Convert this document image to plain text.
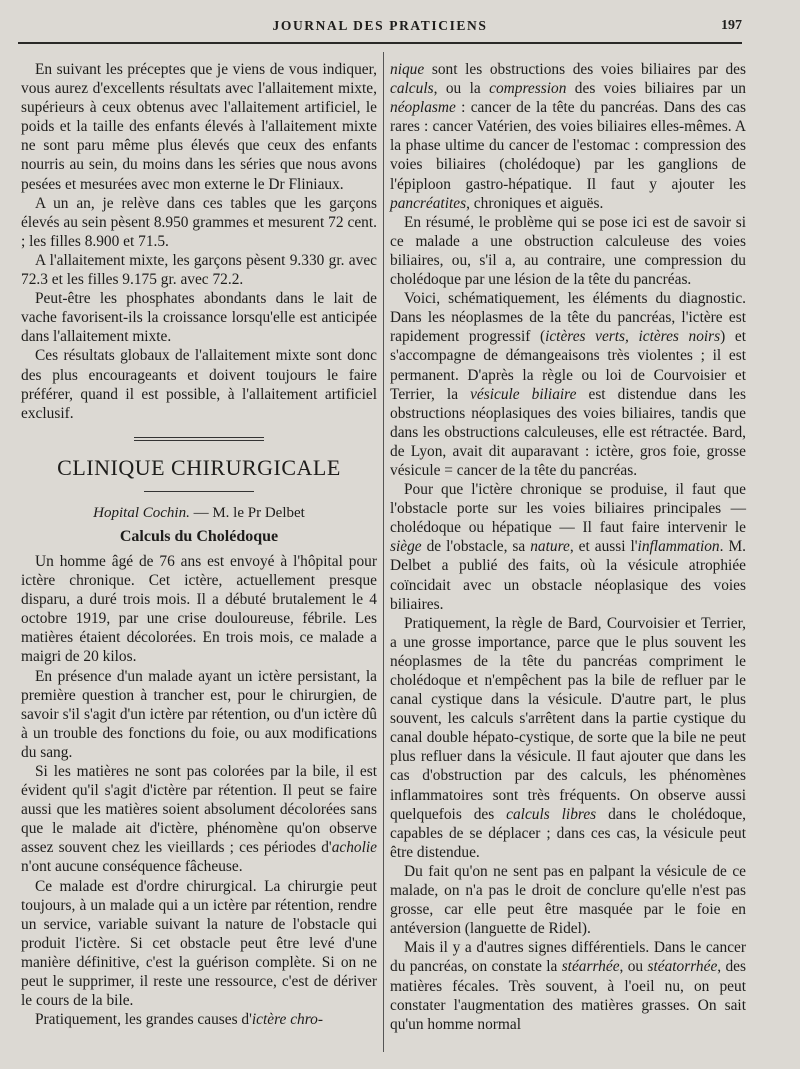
JOURNAL DES PRATICIENS	197

En suivant les préceptes que je viens de vous indiquer, vous aurez d'excellents résultats avec l'allaitement mixte, supérieurs à ceux obtenus avec l'allaitement artificiel, le poids et la taille des enfants élevés à l'allaitement mixte ne sont paru même plus élevés que ceux des enfants nourris au sein, du moins dans les séries que nous avons pesées et mesurées avec mon externe le Dr Fliniaux.

A un an, je relève dans ces tables que les garçons élevés au sein pèsent 8.950 grammes et mesurent 72 cent. ; les filles 8.900 et 71.5.

A l'allaitement mixte, les garçons pèsent 9.330 gr. avec 72.3 et les filles 9.175 gr. avec 72.2.

Peut-être les phosphates abondants dans le lait de vache favorisent-ils la croissance lorsqu'elle est anticipée dans l'allaitement mixte.

Ces résultats globaux de l'allaitement mixte sont donc des plus encourageants et doivent toujours le faire préférer, quand il est possible, à l'allaitement artificiel exclusif.

CLINIQUE CHIRURGICALE
Hopital Cochin. — M. le Pr Delbet
Calculs du Cholédoque

Un homme âgé de 76 ans est envoyé à l'hôpital pour ictère chronique. Cet ictère, actuellement presque disparu, a duré trois mois. Il a débuté brutalement le 4 octobre 1919, par une crise douloureuse, fébrile. Les matières étaient décolorées. En trois mois, ce malade a maigri de 20 kilos.

En présence d'un malade ayant un ictère persistant, la première question à trancher est, pour le chirurgien, de savoir s'il s'agit d'un ictère par rétention, ou d'un ictère dû à un trouble des fonctions du foie, ou aux modifications du sang.

Si les matières ne sont pas colorées par la bile, il est évident qu'il s'agit d'ictère par rétention. Il peut se faire aussi que les matières soient absolument décolorées sans que le malade ait d'ictère, phénomène qu'on observe assez souvent chez les vieillards ; ces périodes d'acholie n'ont aucune conséquence fâcheuse.

Ce malade est d'ordre chirurgical. La chirurgie peut toujours, à un malade qui a un ictère par rétention, rendre un service, variable suivant la nature de l'obstacle qui produit l'ictère. Si cet obstacle peut être levé d'une manière définitive, c'est la guérison complète. Si on ne peut le supprimer, il reste une ressource, c'est de dériver le cours de la bile.

Pratiquement, les grandes causes d'ictère chro-

nique sont les obstructions des voies biliaires par des calculs, ou la compression des voies biliaires par un néoplasme : cancer de la tête du pancréas. Dans des cas rares : cancer Vatérien, des voies biliaires elles-mêmes. A la phase ultime du cancer de l'estomac : compression des voies biliaires (cholédoque) par les ganglions de l'épiploon gastro-hépatique. Il faut y ajouter les pancréatites, chroniques et aiguës.

En résumé, le problème qui se pose ici est de savoir si ce malade a une obstruction calculeuse des voies biliaires, ou, s'il a, au contraire, une compression du cholédoque par une lésion de la tête du pancréas.

Voici, schématiquement, les éléments du diagnostic. Dans les néoplasmes de la tête du pancréas, l'ictère est rapidement progressif (ictères verts, ictères noirs) et s'accompagne de démangeaisons très violentes ; il est permanent. D'après la règle ou loi de Courvoisier et Terrier, la vésicule biliaire est distendue dans les obstructions néoplasiques des voies biliaires, tandis que dans les obstructions calculeuses, elle est rétractée. Bard, de Lyon, avait dit auparavant : ictère, gros foie, grosse vésicule = cancer de la tête du pancréas.

Pour que l'ictère chronique se produise, il faut que l'obstacle porte sur les voies biliaires principales — cholédoque ou hépatique — Il faut faire intervenir le siège de l'obstacle, sa nature, et aussi l'inflammation. M. Delbet a publié des faits, où la vésicule atrophiée coïncidait avec un obstacle néoplasique des voies biliaires.

Pratiquement, la règle de Bard, Courvoisier et Terrier, a une grosse importance, parce que le plus souvent les néoplasmes de la tête du pancréas compriment le cholédoque et n'empêchent pas la bile de refluer par le canal cystique dans la vésicule. D'autre part, le plus souvent, les calculs s'arrêtent dans la partie cystique du canal double hépato-cystique, de sorte que la bile ne peut plus refluer dans la vésicule. Il faut ajouter que dans les cas d'obstruction par des calculs, les phénomènes inflammatoires sont très fréquents. On observe aussi quelquefois des calculs libres dans le cholédoque, capables de se déplacer ; dans ces cas, la vésicule peut être distendue.

Du fait qu'on ne sent pas en palpant la vésicule de ce malade, on n'a pas le droit de conclure qu'elle n'est pas grosse, car elle peut être masquée par le foie en antéversion (languette de Ridel).

Mais il y a d'autres signes différentiels. Dans le cancer du pancréas, on constate la stéarrhée, ou stéatorrhée, des matières fécales. Très souvent, à l'oeil nu, on peut constater l'augmentation des matières grasses. On sait qu'un homme normal
